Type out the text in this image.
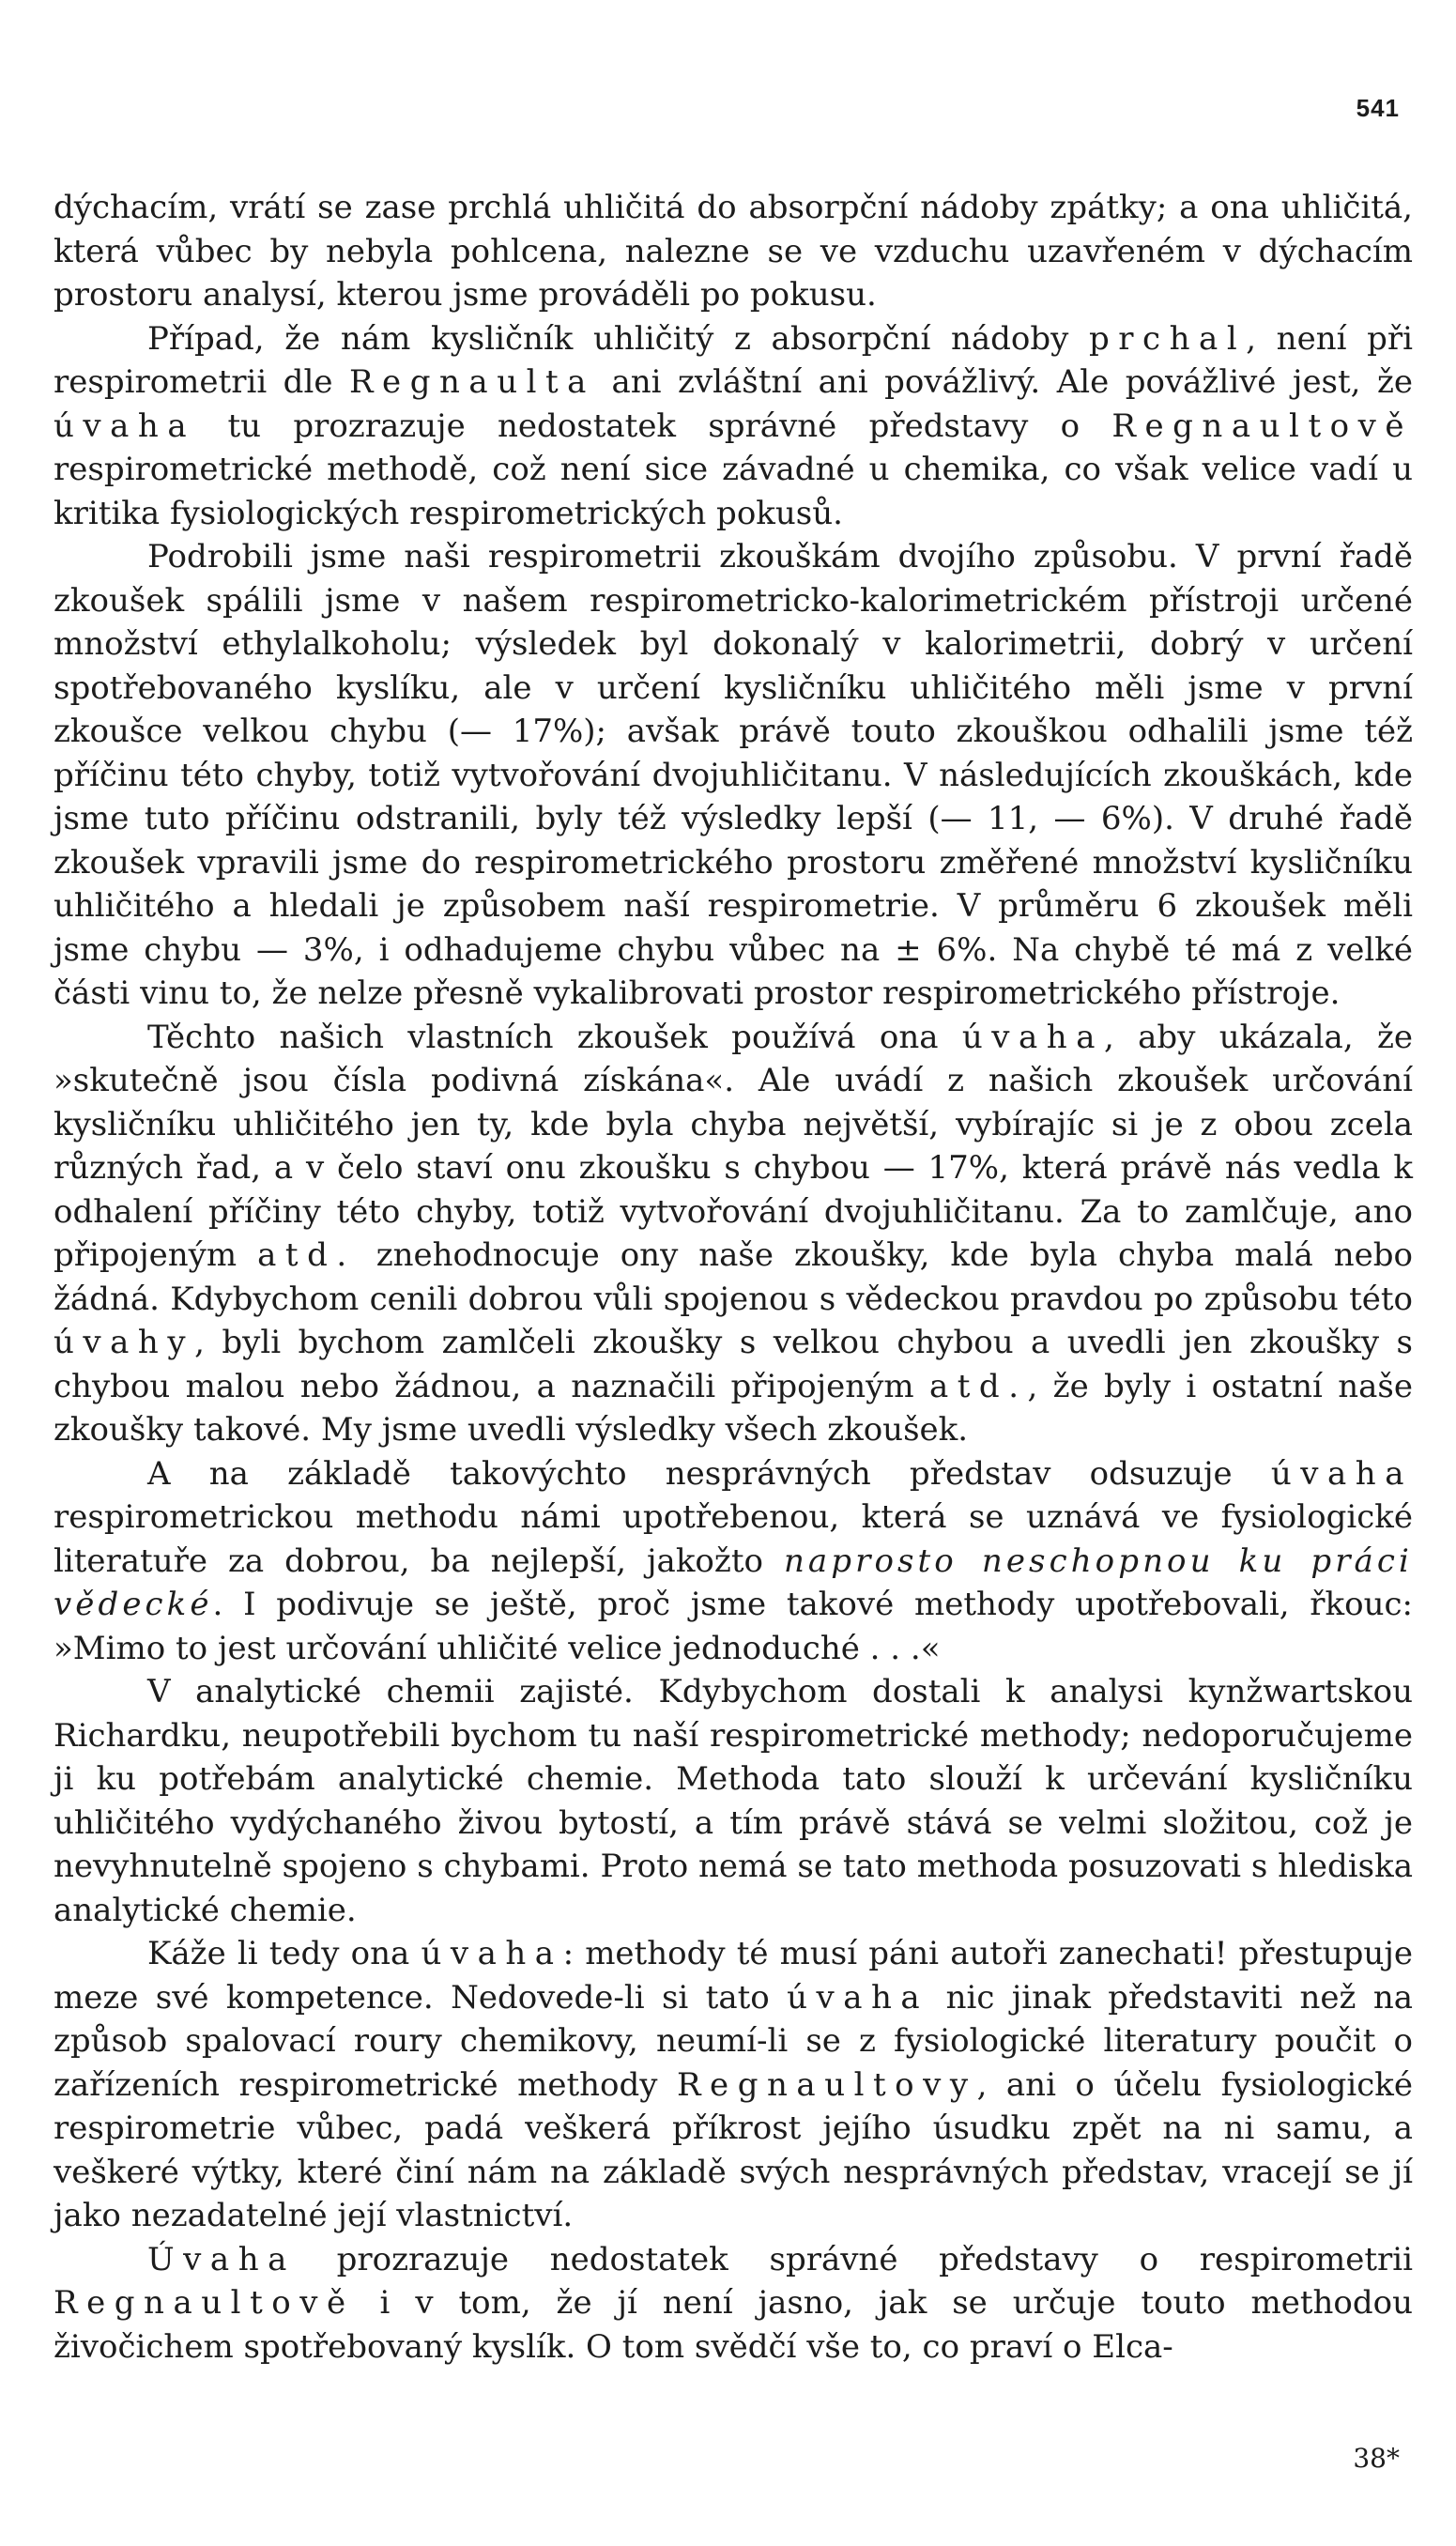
541

dýchacím, vrátí se zase prchlá uhličitá do absorpční nádoby zpátky; a ona uhličitá, která vůbec by nebyla pohlcena, nalezne se ve vzduchu uzavřeném v dýchacím prostoru analysí, kterou jsme prováděli po pokusu.

Případ, že nám kysličník uhličitý z absorpční nádoby prchal, není při respirometrii dle Regnaulta ani zvláštní ani povážlivý. Ale povážlivé jest, že úvaha tu prozrazuje nedostatek správné představy o Regnaultově respirometrické methodě, což není sice závadné u chemika, co však velice vadí u kritika fysiologických respirometrických pokusů.

Podrobili jsme naši respirometrii zkouškám dvojího způsobu. V první řadě zkoušek spálili jsme v našem respirometricko-kalorimetrickém přístroji určené množství ethylalkoholu; výsledek byl dokonalý v kalorimetrii, dobrý v určení spotřebovaného kyslíku, ale v určení kysličníku uhličitého měli jsme v první zkoušce velkou chybu (— 17%); avšak právě touto zkouškou odhalili jsme též příčinu této chyby, totiž vytvořování dvojuhličitanu. V následujících zkouškách, kde jsme tuto příčinu odstranili, byly též výsledky lepší (— 11, — 6%). V druhé řadě zkoušek vpravili jsme do respirometrického prostoru změřené množství kysličníku uhličitého a hledali je způsobem naší respirometrie. V průměru 6 zkoušek měli jsme chybu — 3%, i odhadujeme chybu vůbec na ± 6%. Na chybě té má z velké části vinu to, že nelze přesně vykalibrovati prostor respirometrického přístroje.

Těchto našich vlastních zkoušek používá ona úvaha, aby ukázala, že »skutečně jsou čísla podivná získána«. Ale uvádí z našich zkoušek určování kysličníku uhličitého jen ty, kde byla chyba největší, vybírajíc si je z obou zcela různých řad, a v čelo staví onu zkoušku s chybou — 17%, která právě nás vedla k odhalení příčiny této chyby, totiž vytvořování dvojuhličitanu. Za to zamlčuje, ano připojeným atd. znehodnocuje ony naše zkoušky, kde byla chyba malá nebo žádná. Kdybychom cenili dobrou vůli spojenou s vědeckou pravdou po způsobu této úvahy, byli bychom zamlčeli zkoušky s velkou chybou a uvedli jen zkoušky s chybou malou nebo žádnou, a naznačili připojeným atd., že byly i ostatní naše zkoušky takové. My jsme uvedli výsledky všech zkoušek.

A na základě takovýchto nesprávných představ odsuzuje úvaha respirometrickou methodu námi upotřebenou, která se uznává ve fysiologické literatuře za dobrou, ba nejlepší, jakožto naprosto neschopnou ku práci vědecké. I podivuje se ještě, proč jsme takové methody upotřebovali, řkouc: »Mimo to jest určování uhličité velice jednoduché . . .«

V analytické chemii zajisté. Kdybychom dostali k analysi kynžwartskou Richardku, neupotřebili bychom tu naší respirometrické methody; nedoporučujeme ji ku potřebám analytické chemie. Methoda tato slouží k určevání kysličníku uhličitého vydýchaného živou bytostí, a tím právě stává se velmi složitou, což je nevyhnutelně spojeno s chybami. Proto nemá se tato methoda posuzovati s hlediska analytické chemie.

Káže li tedy ona úvaha: methody té musí páni autoři zanechati! přestupuje meze své kompetence. Nedovede-li si tato úvaha nic jinak představiti než na způsob spalovací roury chemikovy, neumí-li se z fysiologické literatury poučit o zařízeních respirometrické methody Regnaultovy, ani o účelu fysiologické respirometrie vůbec, padá veškerá příkrost jejího úsudku zpět na ni samu, a veškeré výtky, které činí nám na základě svých nesprávných představ, vracejí se jí jako nezadatelné její vlastnictví.

Úvaha prozrazuje nedostatek správné představy o respirometrii Regnaultově i v tom, že jí není jasno, jak se určuje touto methodou živočichem spotřebovaný kyslík. O tom svědčí vše to, co praví o Elca-

38*
